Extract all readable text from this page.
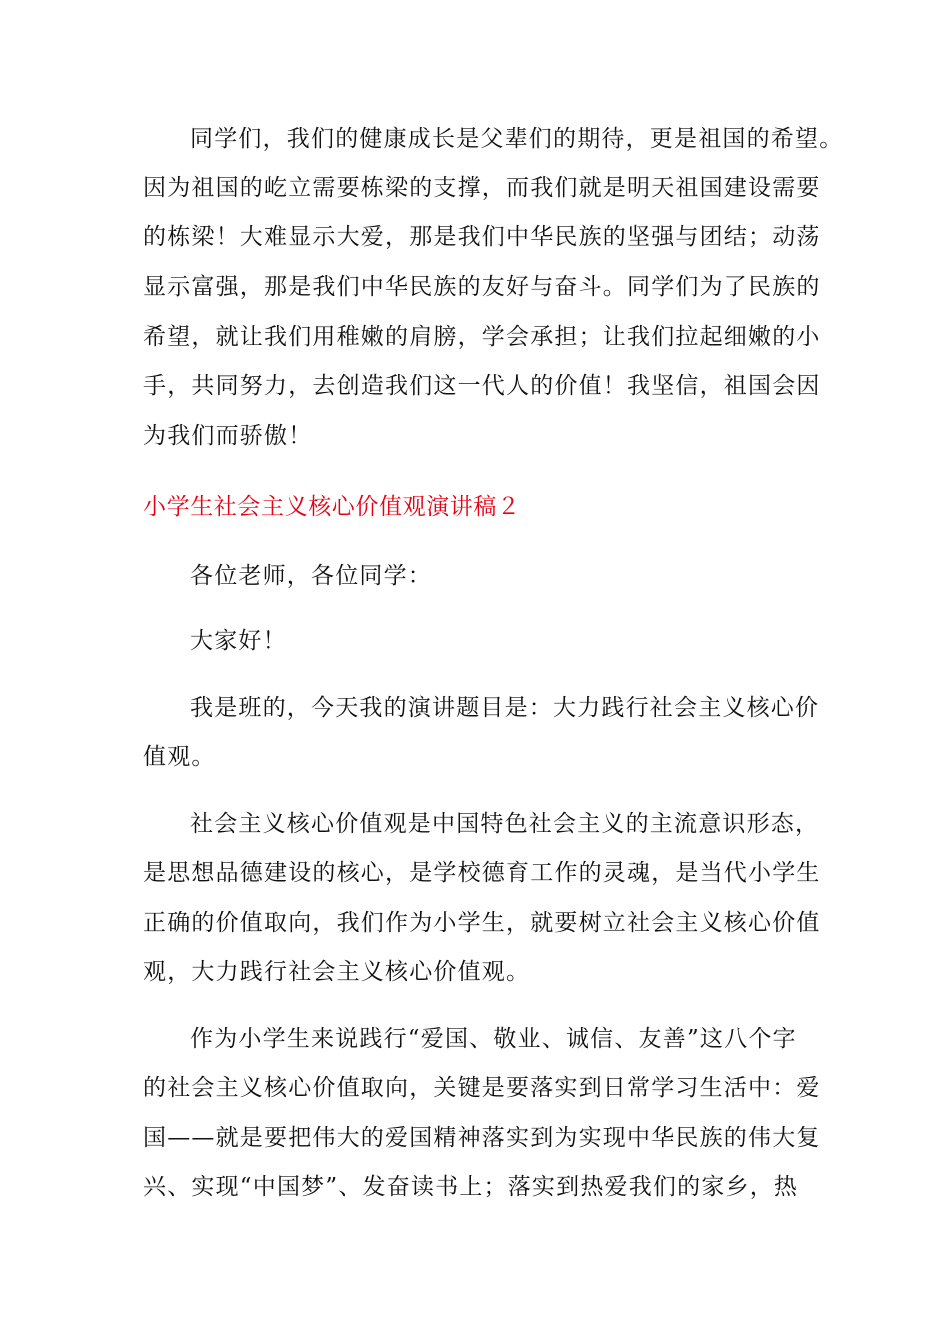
同学们，我们的健康成长是父辈们的期待，更是祖国的希望。
因为祖国的屹立需要栋梁的支撑，而我们就是明天祖国建设需要
的栋梁！大难显示大爱，那是我们中华民族的坚强与团结；动荡
显示富强，那是我们中华民族的友好与奋斗。同学们为了民族的
希望，就让我们用稚嫩的肩膀，学会承担；让我们拉起细嫩的小
手，共同努力，去创造我们这一代人的价值！我坚信，祖国会因
为我们而骄傲！
小学生社会主义核心价值观演讲稿２
各位老师，各位同学：
大家好！
我是班的，今天我的演讲题目是：大力践行社会主义核心价
值观。
社会主义核心价值观是中国特色社会主义的主流意识形态，
是思想品德建设的核心，是学校德育工作的灵魂，是当代小学生
正确的价值取向，我们作为小学生，就要树立社会主义核心价值
观，大力践行社会主义核心价值观。
作为小学生来说践行“爱国、敬业、诚信、友善”这八个字
的社会主义核心价值取向，关键是要落实到日常学习生活中：爱
国——就是要把伟大的爱国精神落实到为实现中华民族的伟大复
兴、实现“中国梦”、发奋读书上；落实到热爱我们的家乡，热
